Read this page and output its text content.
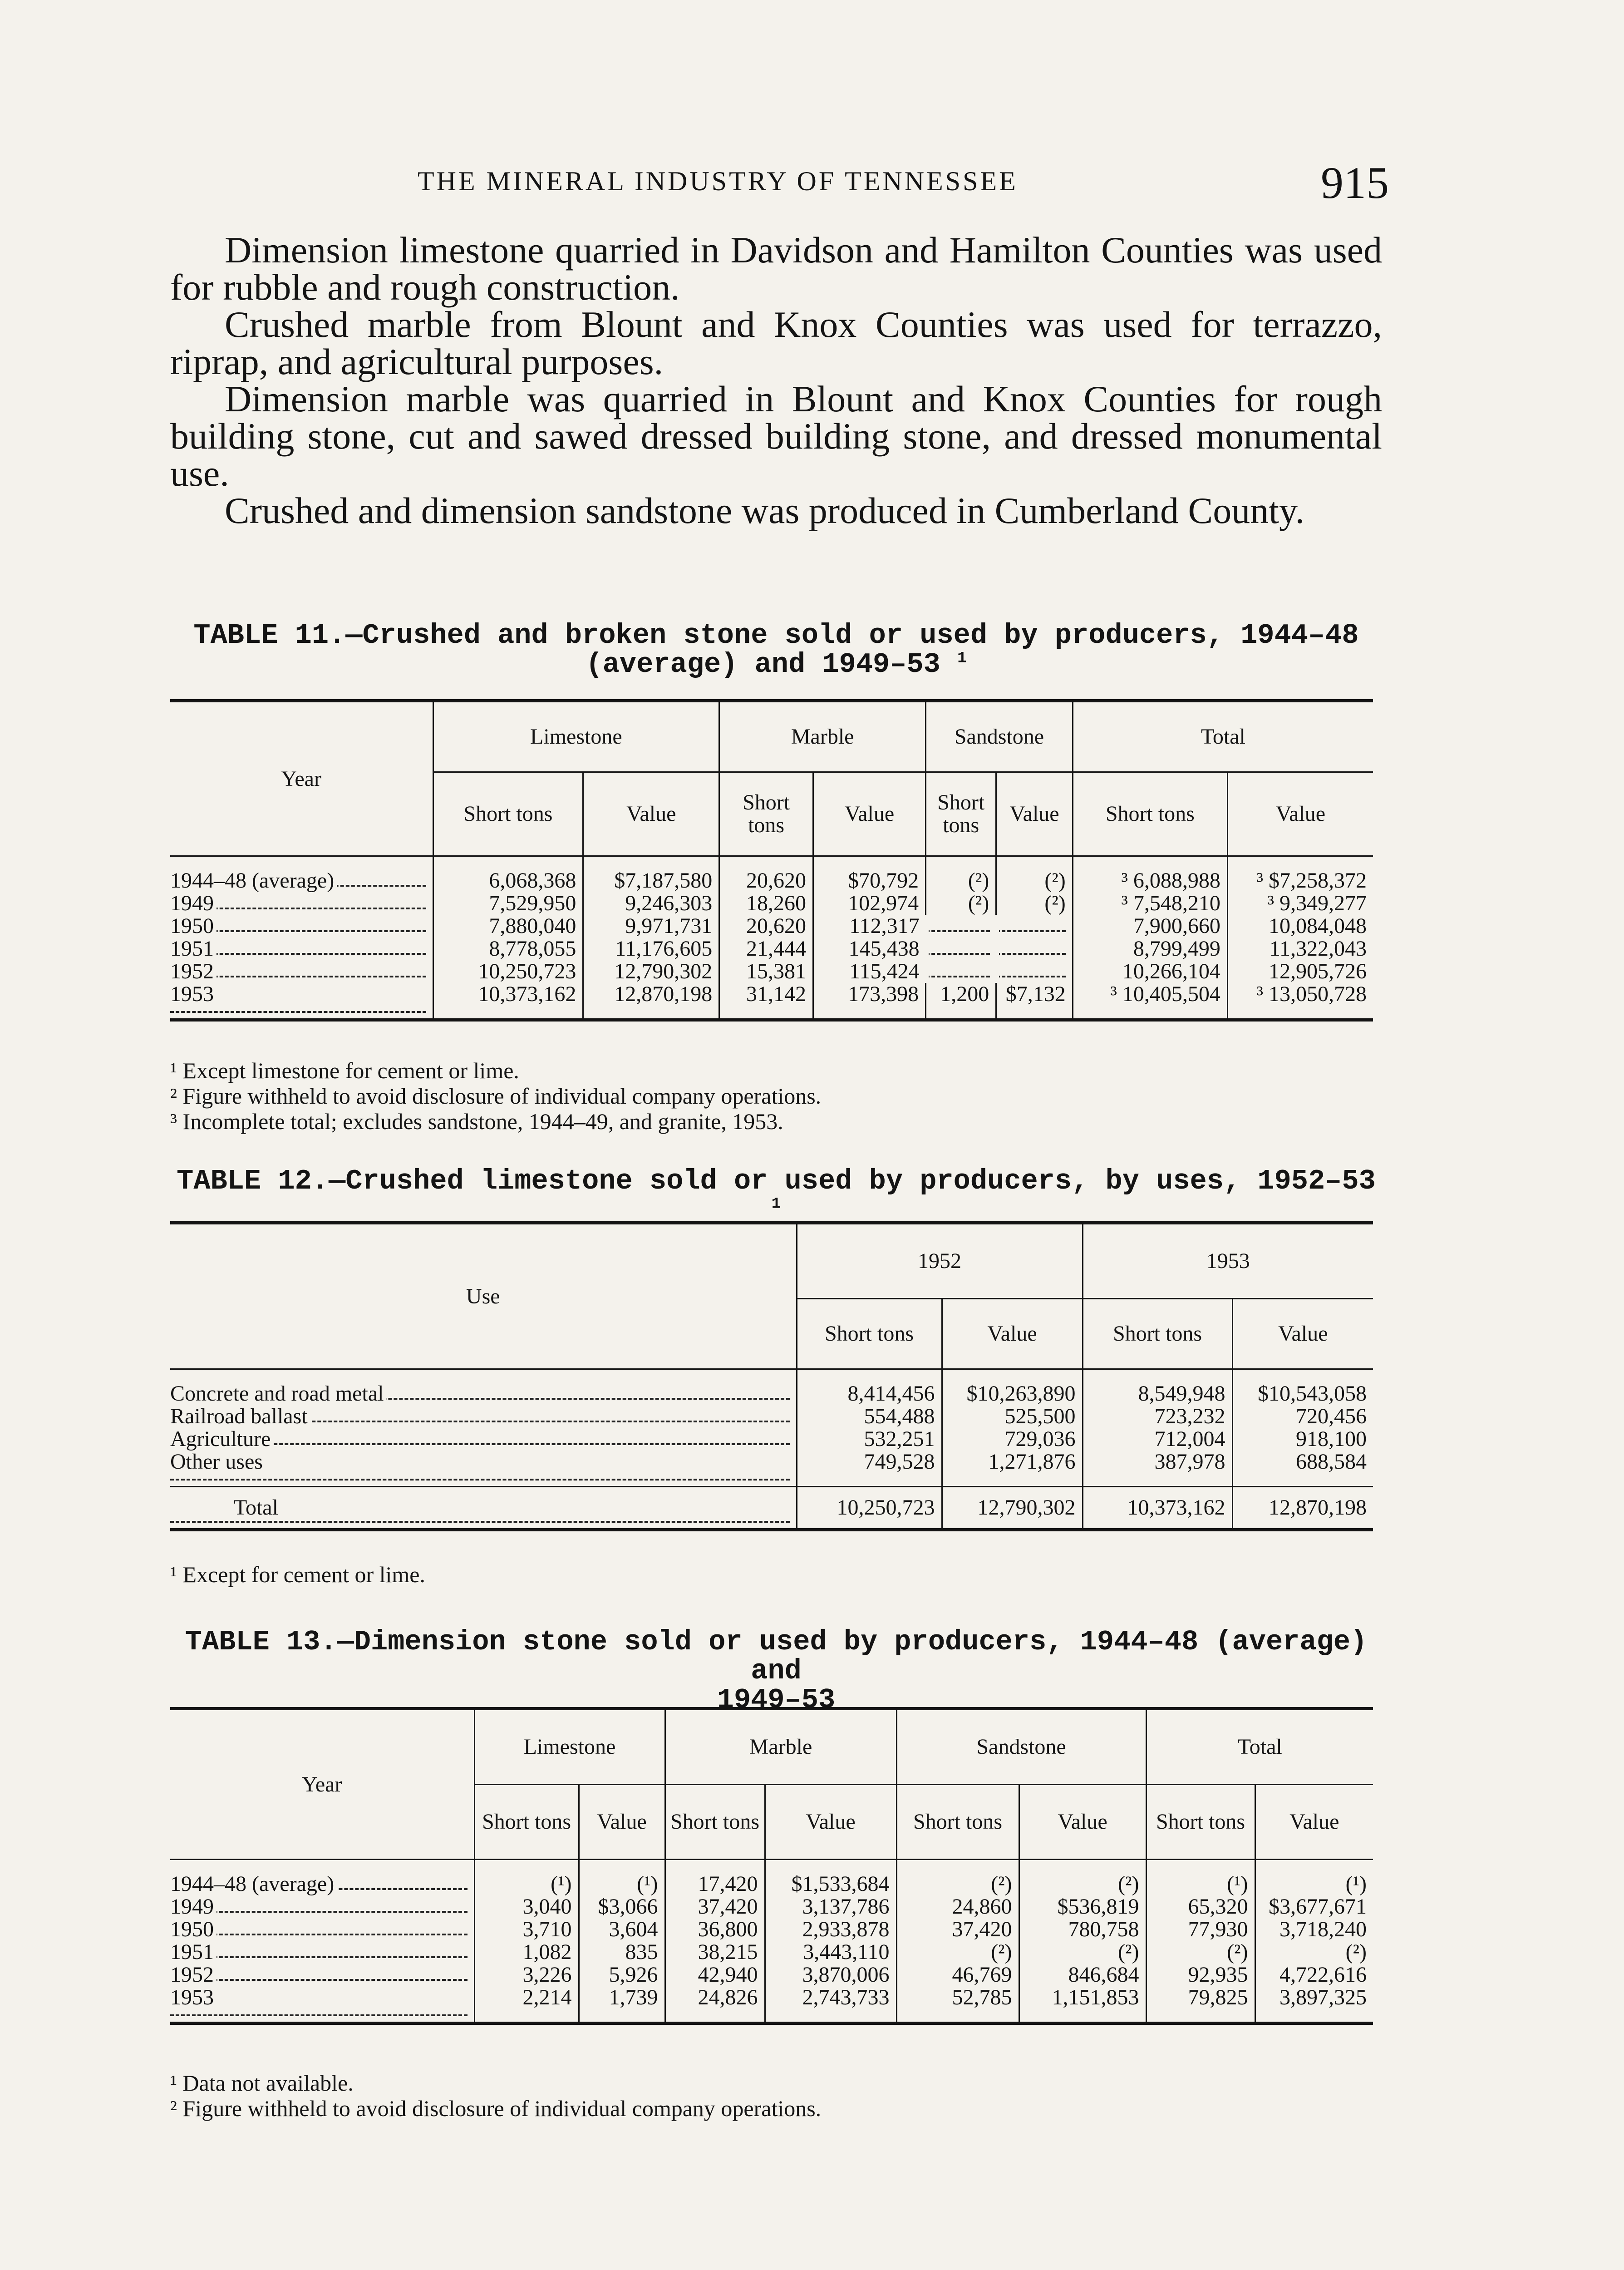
THE MINERAL INDUSTRY OF TENNESSEE	915

Dimension limestone quarried in Davidson and Hamilton Counties was used for rubble and rough construction.

Crushed marble from Blount and Knox Counties was used for terrazzo, riprap, and agricultural purposes.

Dimension marble was quarried in Blount and Knox Counties for rough building stone, cut and sawed dressed building stone, and dressed monumental use.

Crushed and dimension sandstone was produced in Cumberland County.

TABLE 11.—Crushed and broken stone sold or used by producers, 1944–48
(average) and 1949–53 $^1$
Year	Limestone		Marble		Sandstone		Total	
	Short tons	Value	Short tons	Value	Short tons	Value	Short tons	Value
1944–48 (average)	6,068,368	$7,187,580	20,620	$70,792	(²)	(²)	³ 6,088,988	³ $7,258,372
1949	7,529,950	9,246,303	18,260	102,974	(²)	(²)	³ 7,548,210	³ 9,349,277
1950	7,880,040	9,971,731	20,620	112,317			7,900,660	10,084,048
1951	8,778,055	11,176,605	21,444	145,438			8,799,499	11,322,043
1952	10,250,723	12,790,302	15,381	115,424			10,266,104	12,905,726
1953	10,373,162	12,870,198	31,142	173,398	1,200	$7,132	³ 10,405,504	³ 13,050,728
¹ Except limestone for cement or lime.
² Figure withheld to avoid disclosure of individual company operations.
³ Incomplete total; excludes sandstone, 1944–49, and granite, 1953.
TABLE 12.—Crushed limestone sold or used by producers, by uses, 1952–53 $^1$
Use	1952		1953	
	Short tons	Value	Short tons	Value
Concrete and road metal	8,414,456	$10,263,890	8,549,948	$10,543,058
Railroad ballast	554,488	525,500	723,232	720,456
Agriculture	532,251	729,036	712,004	918,100
Other uses	749,528	1,271,876	387,978	688,584
Total	10,250,723	12,790,302	10,373,162	12,870,198
¹ Except for cement or lime.
TABLE 13.—Dimension stone sold or used by producers, 1944–48 (average) and
1949–53
Year	Limestone		Marble		Sandstone		Total	
	Short tons	Value	Short tons	Value	Short tons	Value	Short tons	Value
1944–48 (average)	(¹)	(¹)	17,420	$1,533,684	(²)	(²)	(¹)	(¹)
1949	3,040	$3,066	37,420	3,137,786	24,860	$536,819	65,320	$3,677,671
1950	3,710	3,604	36,800	2,933,878	37,420	780,758	77,930	3,718,240
1951	1,082	835	38,215	3,443,110	(²)	(²)	(²)	(²)
1952	3,226	5,926	42,940	3,870,006	46,769	846,684	92,935	4,722,616
1953	2,214	1,739	24,826	2,743,733	52,785	1,151,853	79,825	3,897,325
¹ Data not available.
² Figure withheld to avoid disclosure of individual company operations.
